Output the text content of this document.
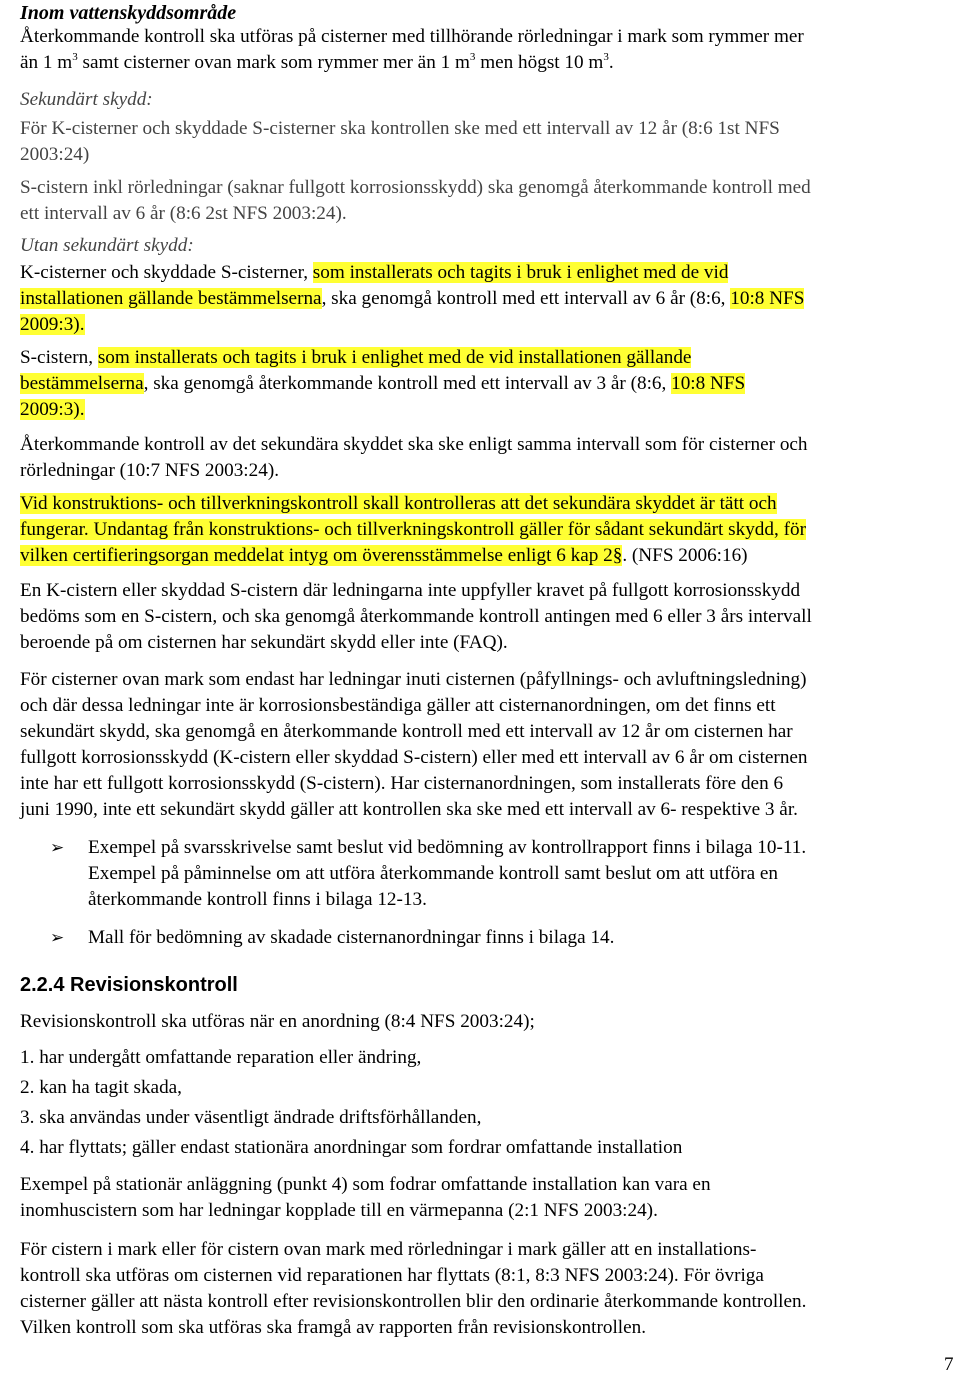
Inom vattenskyddsområde
Återkommande kontroll ska utföras på cisterner med tillhörande rörledningar i mark som rymmer mer
än 1 $m^3$ samt cisterner ovan mark som rymmer mer än 1 $m^3$ men högst 10 $m^3$.
Sekundärt skydd:
För K-cisterner och skyddade S-cisterner ska kontrollen ske med ett intervall av 12 år (8:6 1st NFS
2003:24)
S-cistern inkl rörledningar (saknar fullgott korrosionsskydd) ska genomgå återkommande kontroll med
ett intervall av 6 år (8:6 2st NFS 2003:24).
Utan sekundärt skydd:
K-cisterner och skyddade S-cisterner, som installerats och tagits i bruk i enlighet med de vid
installationen gällande bestämmelserna, ska genomgå kontroll med ett intervall av 6 år (8:6, 10:8 NFS
2009:3).
S-cistern, som installerats och tagits i bruk i enlighet med de vid installationen gällande
bestämmelserna, ska genomgå återkommande kontroll med ett intervall av 3 år (8:6, 10:8 NFS
2009:3).
Återkommande kontroll av det sekundära skyddet ska ske enligt samma intervall som för cisterner och
rörledningar (10:7 NFS 2003:24).
Vid konstruktions- och tillverkningskontroll skall kontrolleras att det sekundära skyddet är tätt och
fungerar. Undantag från konstruktions- och tillverkningskontroll gäller för sådant sekundärt skydd, för
vilken certifieringsorgan meddelat intyg om överensstämmelse enligt 6 kap 2§. (NFS 2006:16)
En K-cistern eller skyddad S-cistern där ledningarna inte uppfyller kravet på fullgott korrosionsskydd
bedöms som en S-cistern, och ska genomgå återkommande kontroll antingen med 6 eller 3 års intervall
beroende på om cisternen har sekundärt skydd eller inte (FAQ).
För cisterner ovan mark som endast har ledningar inuti cisternen (påfyllnings- och avluftningsledning)
och där dessa ledningar inte är korrosionsbeständiga gäller att cisternanordningen, om det finns ett
sekundärt skydd, ska genomgå en återkommande kontroll med ett intervall av 12 år om cisternen har
fullgott korrosionsskydd (K-cistern eller skyddad S-cistern) eller med ett intervall av 6 år om cisternen
inte har ett fullgott korrosionsskydd (S-cistern). Har cisternanordningen, som installerats före den 6
juni 1990, inte ett sekundärt skydd gäller att kontrollen ska ske med ett intervall av 6- respektive 3 år.
➢ Exempel på svarsskrivelse samt beslut vid bedömning av kontrollrapport finns i bilaga 10-11.
Exempel på påminnelse om att utföra återkommande kontroll samt beslut om att utföra en
återkommande kontroll finns i bilaga 12-13.
➢ Mall för bedömning av skadade cisternanordningar finns i bilaga 14.
2.2.4 Revisionskontroll
Revisionskontroll ska utföras när en anordning (8:4 NFS 2003:24);
1. har undergått omfattande reparation eller ändring,
2. kan ha tagit skada,
3. ska användas under väsentligt ändrade driftsförhållanden,
4. har flyttats; gäller endast stationära anordningar som fordrar omfattande installation
Exempel på stationär anläggning (punkt 4) som fodrar omfattande installation kan vara en
inomhuscistern som har ledningar kopplade till en värmepanna (2:1 NFS 2003:24).
För cistern i mark eller för cistern ovan mark med rörledningar i mark gäller att en installations-
kontroll ska utföras om cisternen vid reparationen har flyttats (8:1, 8:3 NFS 2003:24). För övriga
cisterner gäller att nästa kontroll efter revisionskontrollen blir den ordinarie återkommande kontrollen.
Vilken kontroll som ska utföras ska framgå av rapporten från revisionskontrollen.
7
